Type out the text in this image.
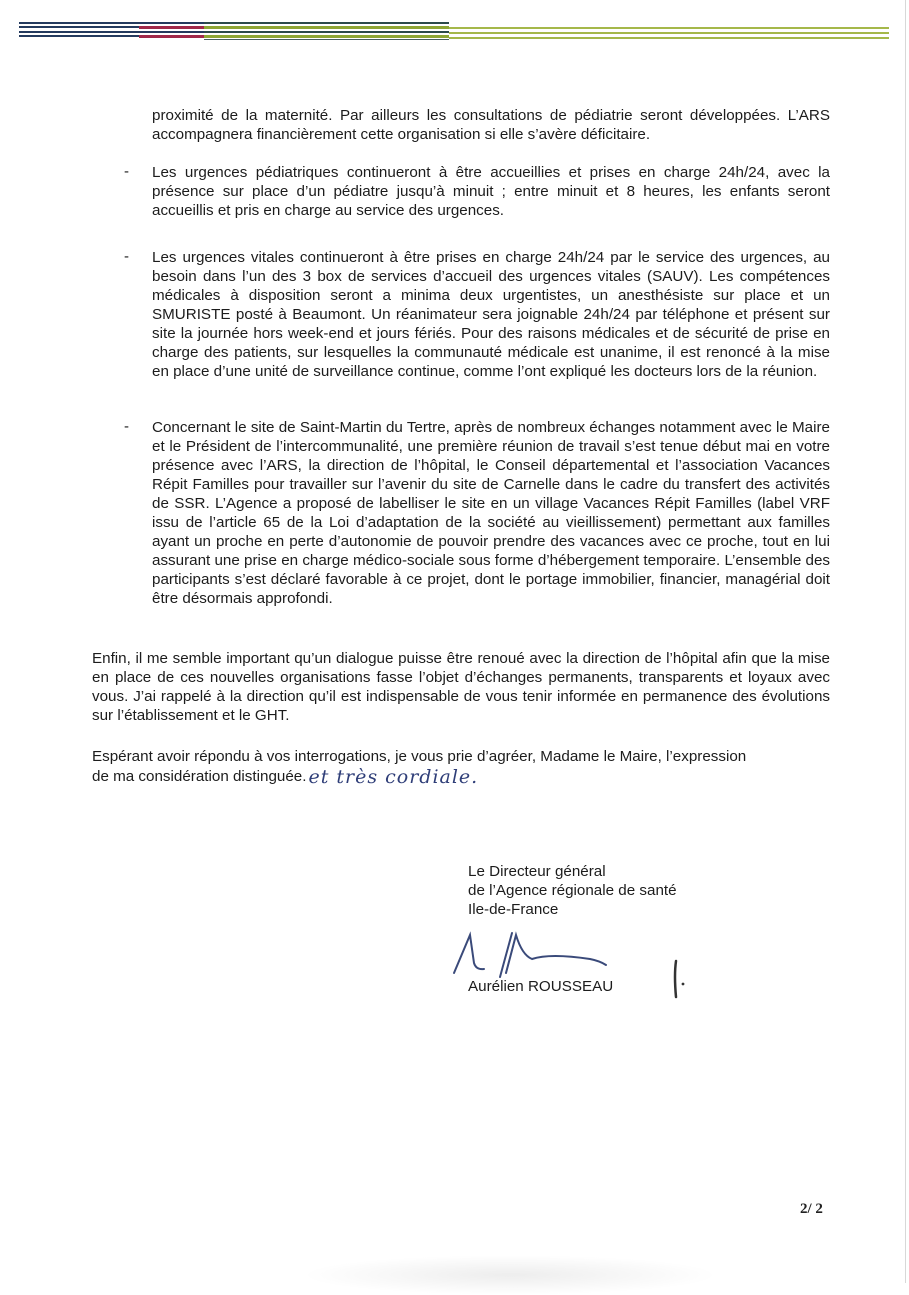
proximité de la maternité. Par ailleurs les consultations de pédiatrie seront développées. L’ARS accompagnera financièrement cette organisation si elle s’avère déficitaire.

- Les urgences pédiatriques continueront à être accueillies et prises en charge 24h/24, avec la présence sur place d’un pédiatre jusqu’à minuit ; entre minuit et 8 heures, les enfants seront accueillis et pris en charge au service des urgences.

- Les urgences vitales continueront à être prises en charge 24h/24 par le service des urgences, au besoin dans l’un des 3 box de services d’accueil des urgences vitales (SAUV). Les compétences médicales à disposition seront a minima deux urgentistes, un anesthésiste sur place et un SMURISTE posté à Beaumont. Un réanimateur sera joignable 24h/24 par téléphone et présent sur site la journée hors week-end et jours fériés. Pour des raisons médicales et de sécurité de prise en charge des patients, sur lesquelles la communauté médicale est unanime, il est renoncé à la mise en place d’une unité de surveillance continue, comme l’ont expliqué les docteurs lors de la réunion.

- Concernant le site de Saint-Martin du Tertre, après de nombreux échanges notamment avec le Maire et le Président de l’intercommunalité, une première réunion de travail s’est tenue début mai en votre présence avec l’ARS, la direction de l’hôpital, le Conseil départemental et l’association Vacances Répit Familles pour travailler sur l’avenir du site de Carnelle dans le cadre du transfert des activités de SSR. L’Agence a proposé de labelliser le site en un village Vacances Répit Familles (label VRF issu de l’article 65 de la Loi d’adaptation de la société au vieillissement) permettant aux familles ayant un proche en perte d’autonomie de pouvoir prendre des vacances avec ce proche, tout en lui assurant une prise en charge médico-sociale sous forme d’hébergement temporaire. L’ensemble des participants s’est déclaré favorable à ce projet, dont le portage immobilier, financier, managérial doit être désormais approfondi.

Enfin, il me semble important qu’un dialogue puisse être renoué avec la direction de l’hôpital afin que la mise en place de ces nouvelles organisations fasse l’objet d’échanges permanents, transparents et loyaux avec vous. J’ai rappelé à la direction qu’il est indispensable de vous tenir informée en permanence des évolutions sur l’établissement et le GHT.

Espérant avoir répondu à vos interrogations, je vous prie d’agréer, Madame le Maire, l’expression

de ma considération distinguée. et très cordiale.

Le Directeur général
de l’Agence régionale de santé
Ile-de-France
Aurélien ROUSSEAU
2/ 2
